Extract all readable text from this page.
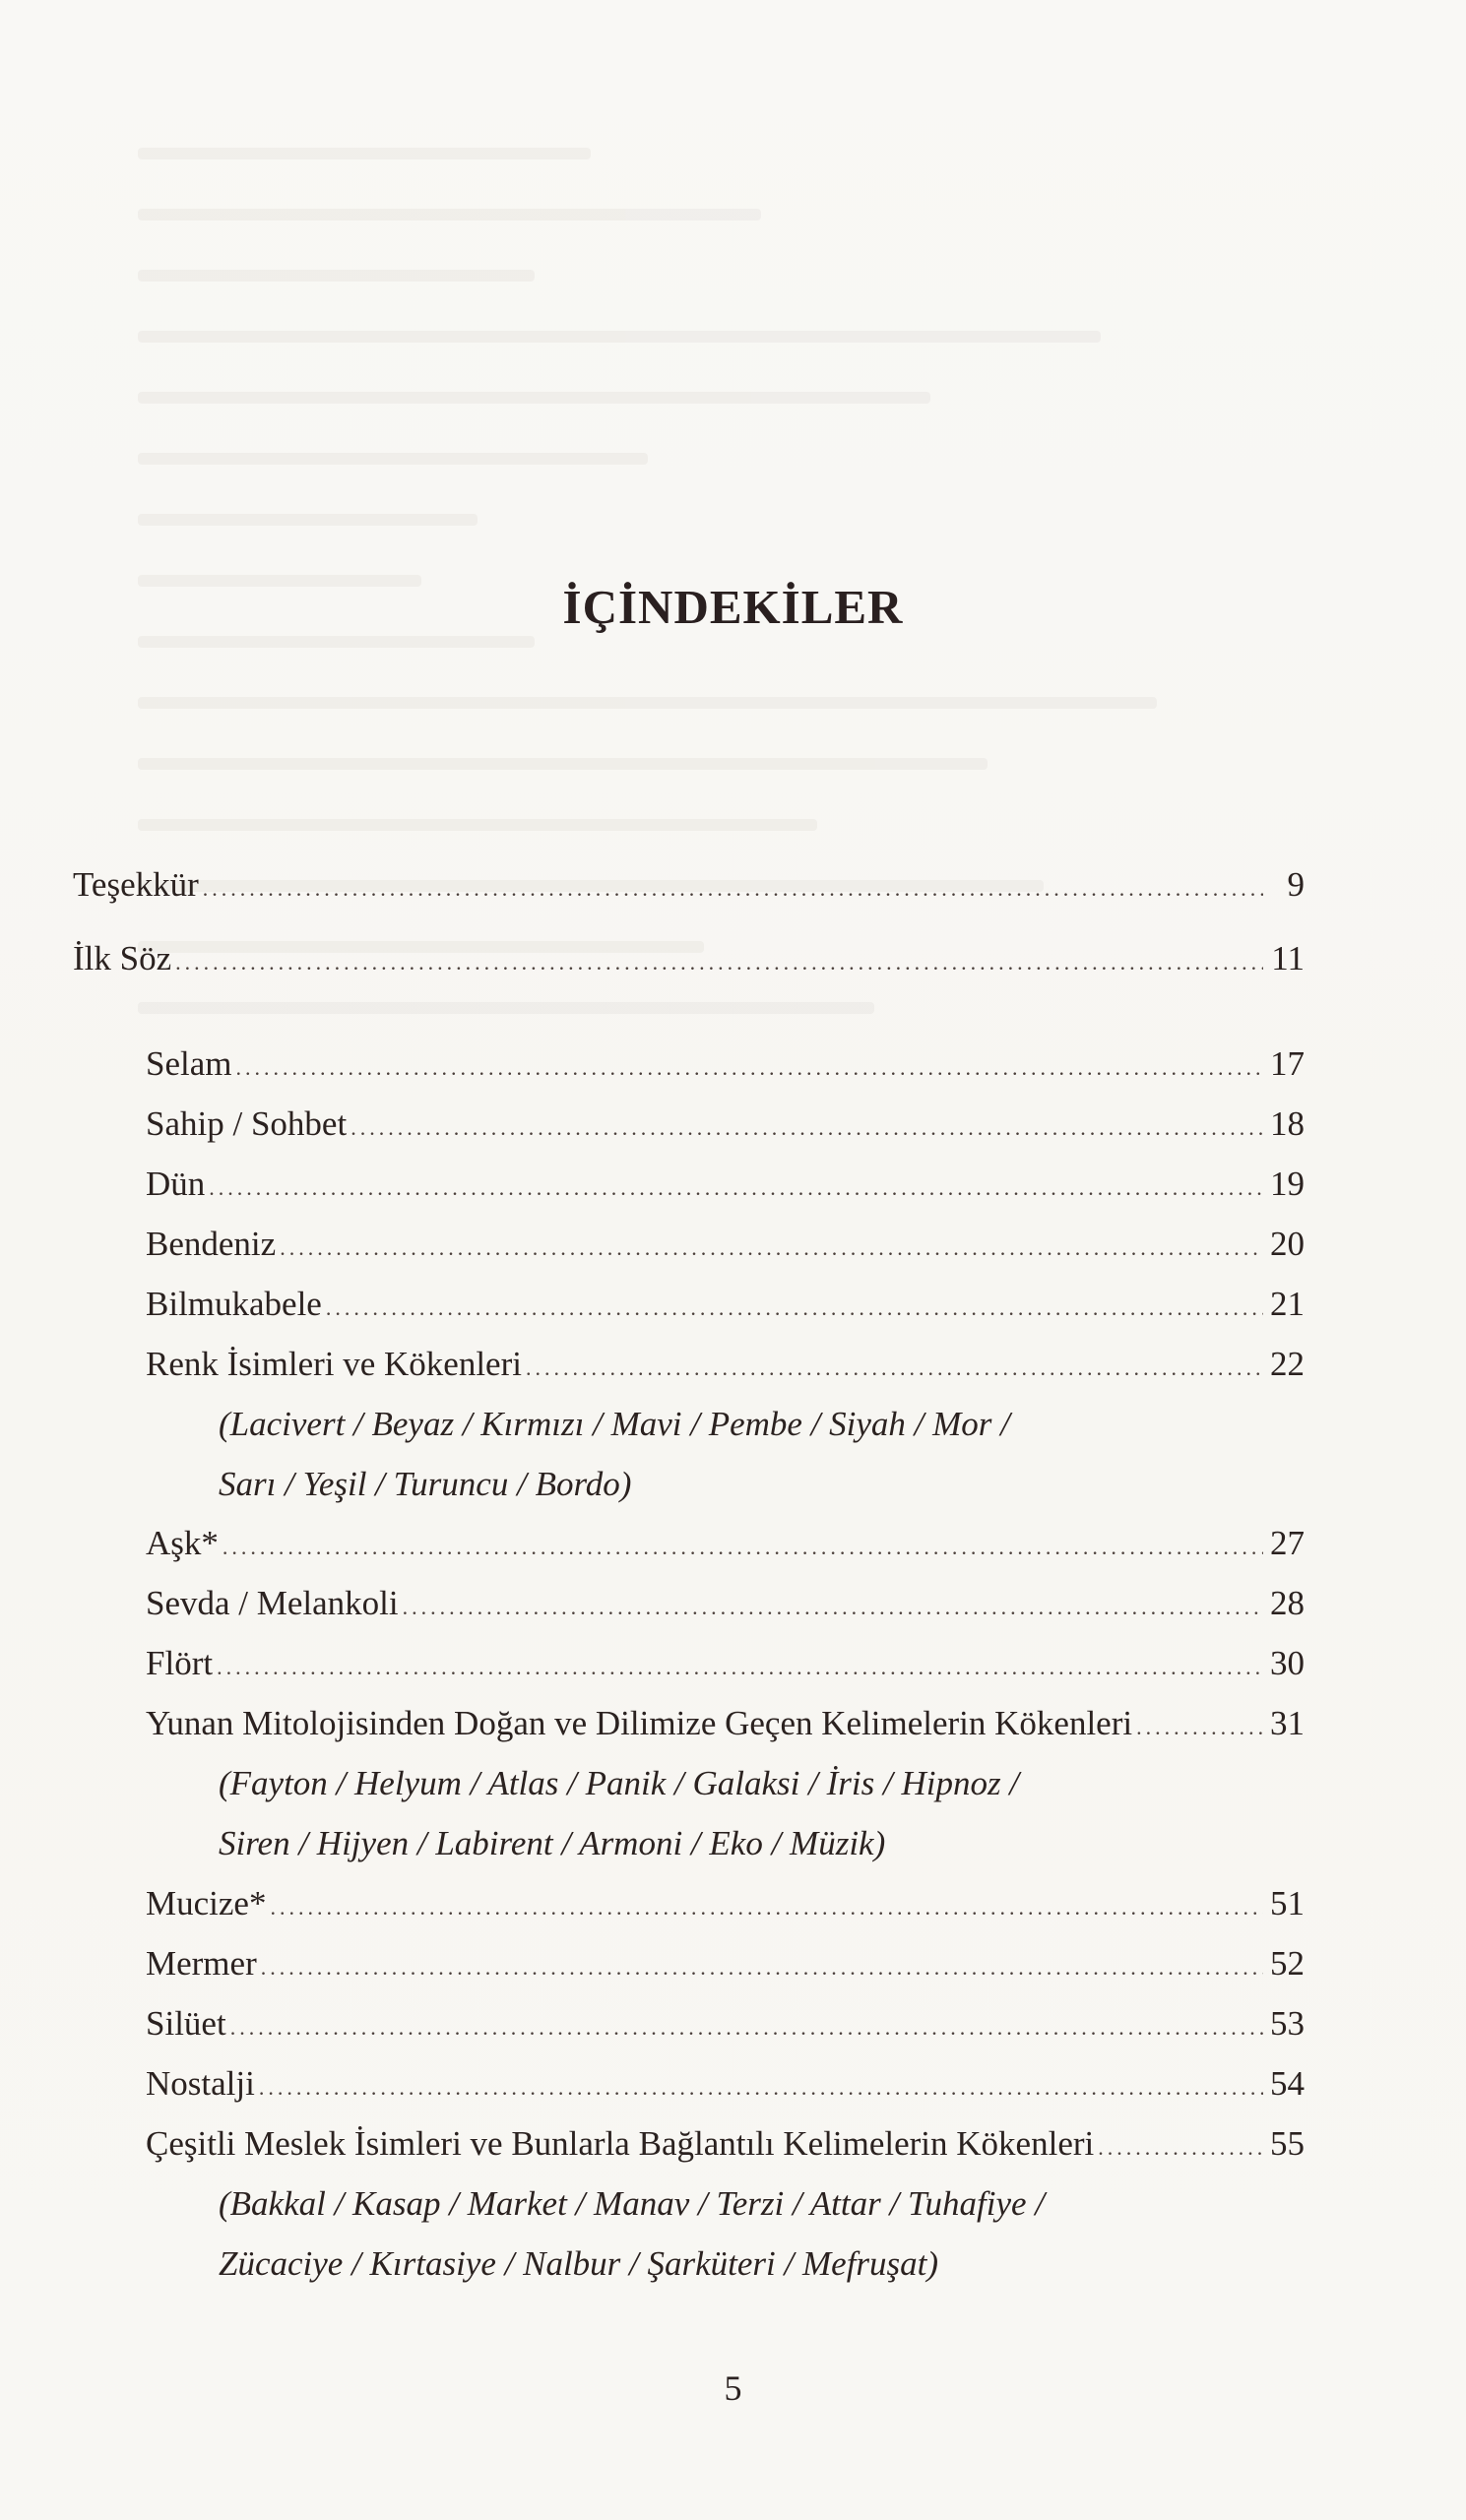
İÇİNDEKİLER
Teşekkür .....	9
İlk Söz .....	11
Selam .....	17
Sahip / Sohbet .....	18
Dün .....	19
Bendeniz .....	20
Bilmukabele .....	21
Renk İsimleri ve Kökenleri .....	22
(Lacivert / Beyaz / Kırmızı / Mavi / Pembe / Siyah / Mor /
Sarı / Yeşil / Turuncu / Bordo)
Aşk* .....	27
Sevda / Melankoli .....	28
Flört .....	30
Yunan Mitolojisinden Doğan ve Dilimize Geçen Kelimelerin Kökenleri .....	31
(Fayton / Helyum / Atlas / Panik / Galaksi / İris / Hipnoz /
Siren / Hijyen / Labirent / Armoni / Eko / Müzik)
Mucize* .....	51
Mermer .....	52
Silüet .....	53
Nostalji .....	54
Çeşitli Meslek İsimleri ve Bunlarla Bağlantılı Kelimelerin Kökenleri .....	55
(Bakkal / Kasap / Market / Manav / Terzi / Attar / Tuhafiye /
Zücaciye / Kırtasiye / Nalbur / Şarküteri / Mefruşat)
5
